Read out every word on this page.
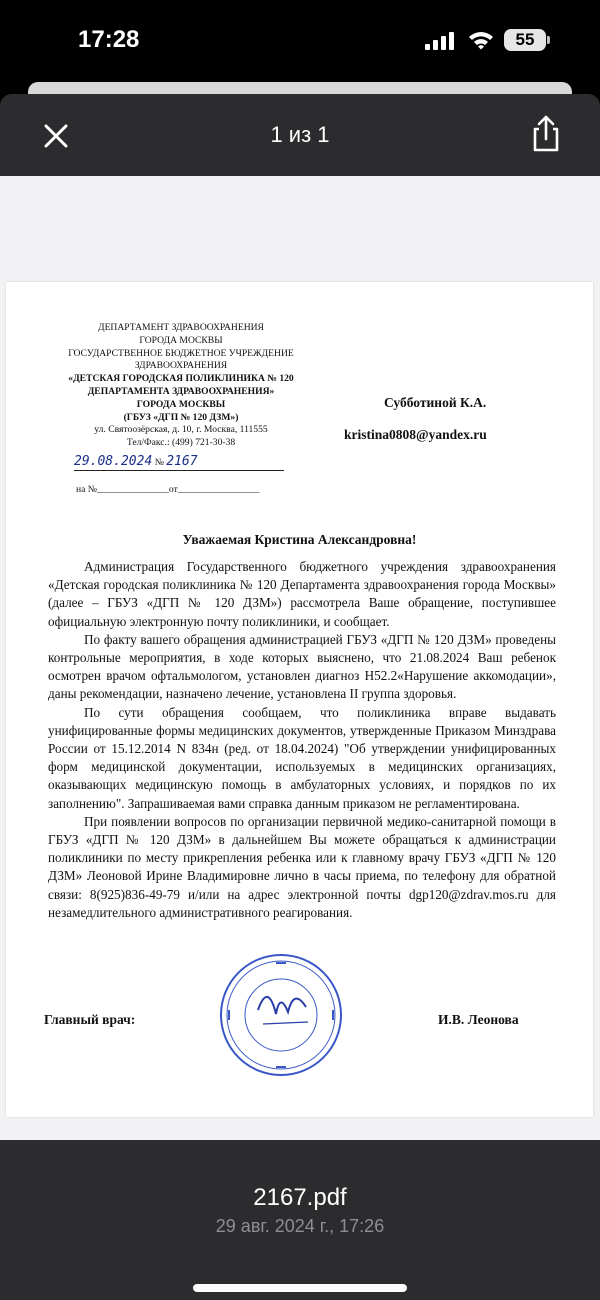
17:28	55
1 из 1
ДЕПАРТАМЕНТ ЗДРАВООХРАНЕНИЯ
ГОРОДА МОСКВЫ
ГОСУДАРСТВЕННОЕ БЮДЖЕТНОЕ УЧРЕЖДЕНИЕ
ЗДРАВООХРАНЕНИЯ
«ДЕТСКАЯ ГОРОДСКАЯ ПОЛИКЛИНИКА № 120
ДЕПАРТАМЕНТА ЗДРАВООХРАНЕНИЯ»
ГОРОДА МОСКВЫ
(ГБУЗ «ДГП № 120 ДЗМ»)
ул. Святоозёрская, д. 10, г. Москва, 111555
Тел/Факс.: (499) 721-30-38
29.08.2024 № 2167
на №_______________от_________________
Субботиной К.А.
kristina0808@yandex.ru
Уважаемая Кристина Александровна!

Администрация Государственного бюджетного учреждения здравоохранения «Детская городская поликлиника № 120 Департамента здравоохранения города Москвы» (далее – ГБУЗ «ДГП № 120 ДЗМ») рассмотрела Ваше обращение, поступившее официальную электронную почту поликлиники, и сообщает.

По факту вашего обращения администрацией ГБУЗ «ДГП № 120 ДЗМ» проведены контрольные мероприятия, в ходе которых выяснено, что 21.08.2024 Ваш ребенок осмотрен врачом офтальмологом, установлен диагноз Н52.2«Нарушение аккомодации», даны рекомендации, назначено лечение, установлена II группа здоровья.

По сути обращения сообщаем, что поликлиника вправе выдавать унифицированные формы медицинских документов, утвержденные Приказом Минздрава России от 15.12.2014 N 834н (ред. от 18.04.2024) "Об утверждении унифицированных форм медицинской документации, используемых в медицинских организациях, оказывающих медицинскую помощь в амбулаторных условиях, и порядков по их заполнению". Запрашиваемая вами справка данным приказом не регламентирована.

При появлении вопросов по организации первичной медико-санитарной помощи в ГБУЗ «ДГП № 120 ДЗМ» в дальнейшем Вы можете обращаться к администрации поликлиники по месту прикрепления ребенка или к главному врачу ГБУЗ «ДГП № 120 ДЗМ» Леоновой Ирине Владимировне лично в часы приема, по телефону для обратной связи: 8(925)836-49-79 и/или на адрес электронной почты dgp120@zdrav.mos.ru для незамедлительного административного реагирования.

Главный врач:	И.В. Леонова
2167.pdf
29 авг. 2024 г., 17:26
